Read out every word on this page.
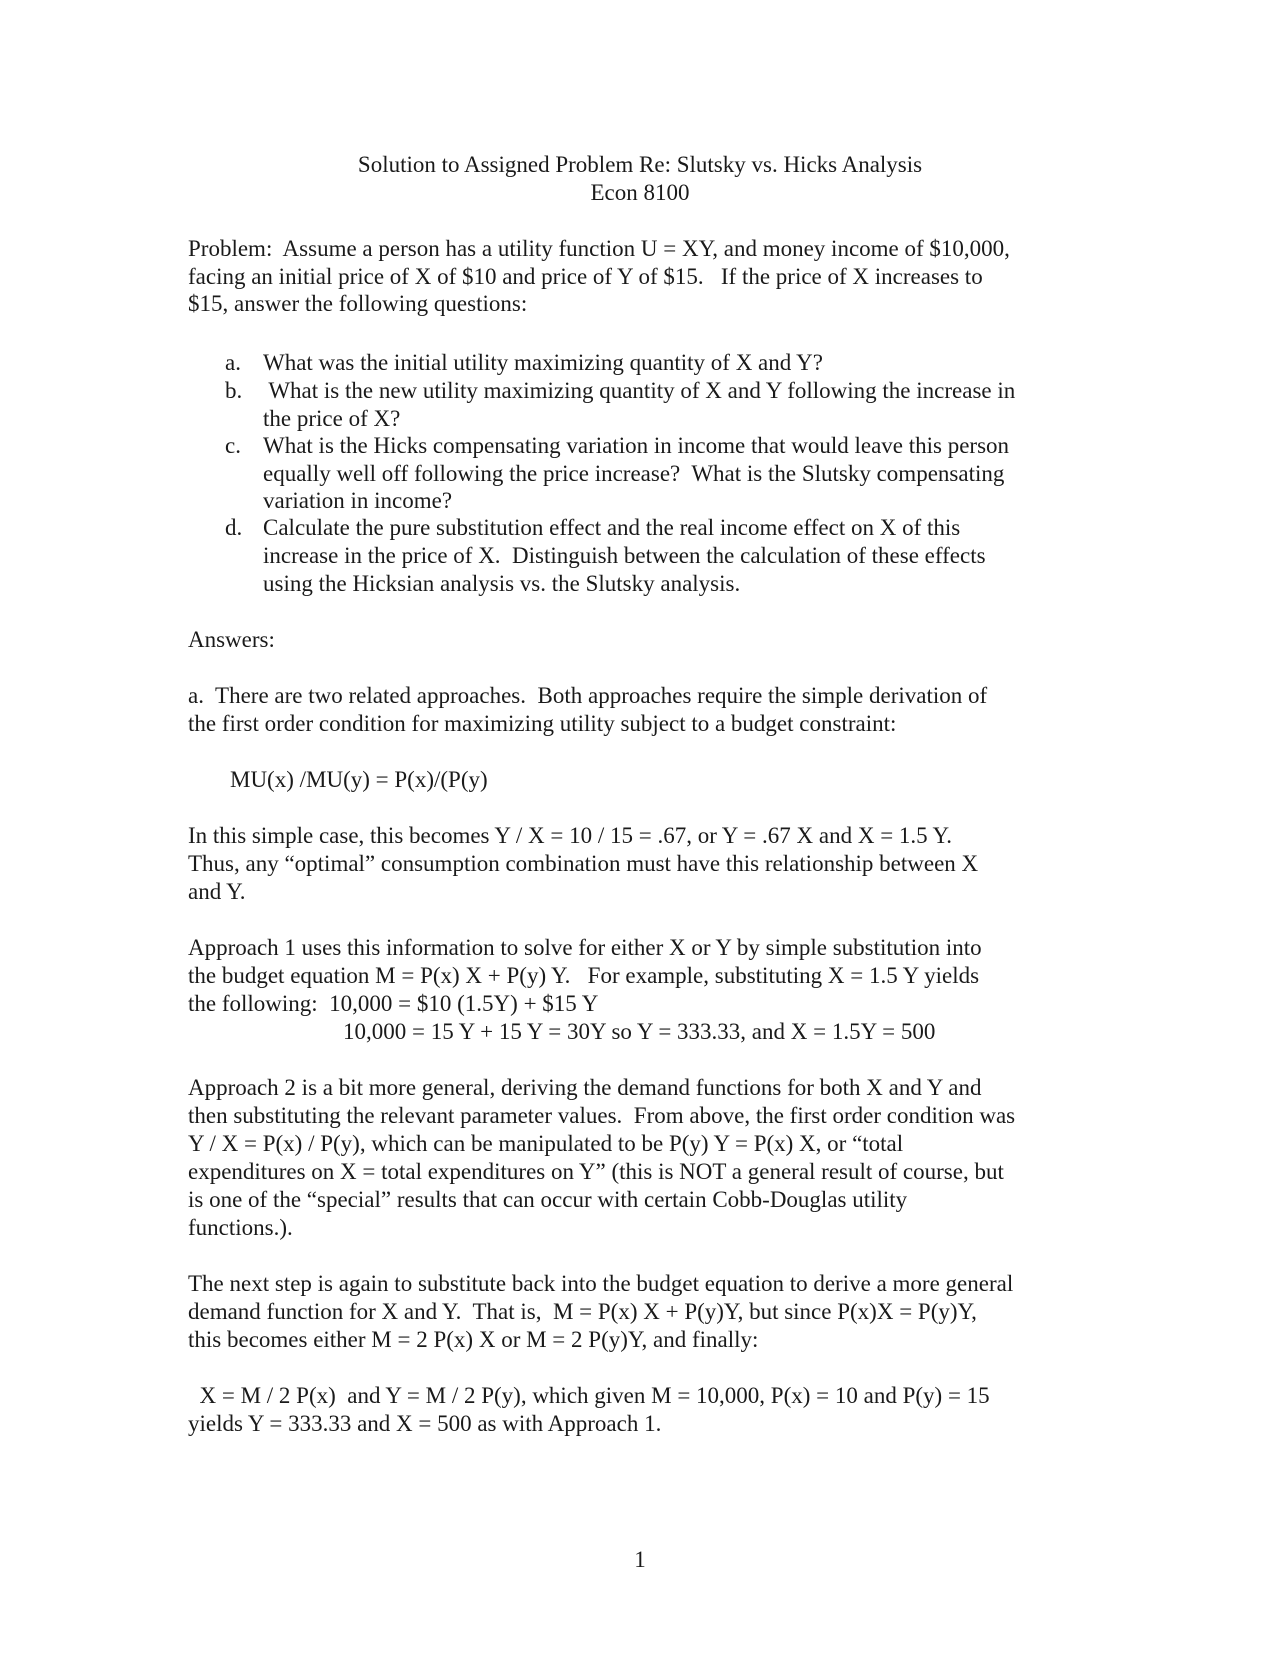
Solution to Assigned Problem Re: Slutsky vs. Hicks Analysis
Econ 8100
Problem:  Assume a person has a utility function U = XY, and money income of $10,000,
facing an initial price of X of $10 and price of Y of $15.   If the price of X increases to
$15, answer the following questions:
a. What was the initial utility maximizing quantity of X and Y?
b. What is the new utility maximizing quantity of X and Y following the increase in
the price of X?
c. What is the Hicks compensating variation in income that would leave this person
equally well off following the price increase?  What is the Slutsky compensating
variation in income?
d. Calculate the pure substitution effect and the real income effect on X of this
increase in the price of X.  Distinguish between the calculation of these effects
using the Hicksian analysis vs. the Slutsky analysis.
Answers:
a.  There are two related approaches.  Both approaches require the simple derivation of
the first order condition for maximizing utility subject to a budget constraint:
MU(x) /MU(y) = P(x)/(P(y)
In this simple case, this becomes Y / X = 10 / 15 = .67, or Y = .67 X and X = 1.5 Y.
Thus, any “optimal” consumption combination must have this relationship between X
and Y.
Approach 1 uses this information to solve for either X or Y by simple substitution into
the budget equation M = P(x) X + P(y) Y.   For example, substituting X = 1.5 Y yields
the following:  10,000 = $10 (1.5Y) + $15 Y
10,000 = 15 Y + 15 Y = 30Y so Y = 333.33, and X = 1.5Y = 500
Approach 2 is a bit more general, deriving the demand functions for both X and Y and
then substituting the relevant parameter values.  From above, the first order condition was
Y / X = P(x) / P(y), which can be manipulated to be P(y) Y = P(x) X, or “total
expenditures on X = total expenditures on Y” (this is NOT a general result of course, but
is one of the “special” results that can occur with certain Cobb-Douglas utility
functions.).
The next step is again to substitute back into the budget equation to derive a more general
demand function for X and Y.  That is,  M = P(x) X + P(y)Y, but since P(x)X = P(y)Y,
this becomes either M = 2 P(x) X or M = 2 P(y)Y, and finally:
X = M / 2 P(x)  and Y = M / 2 P(y), which given M = 10,000, P(x) = 10 and P(y) = 15
yields Y = 333.33 and X = 500 as with Approach 1.
1
